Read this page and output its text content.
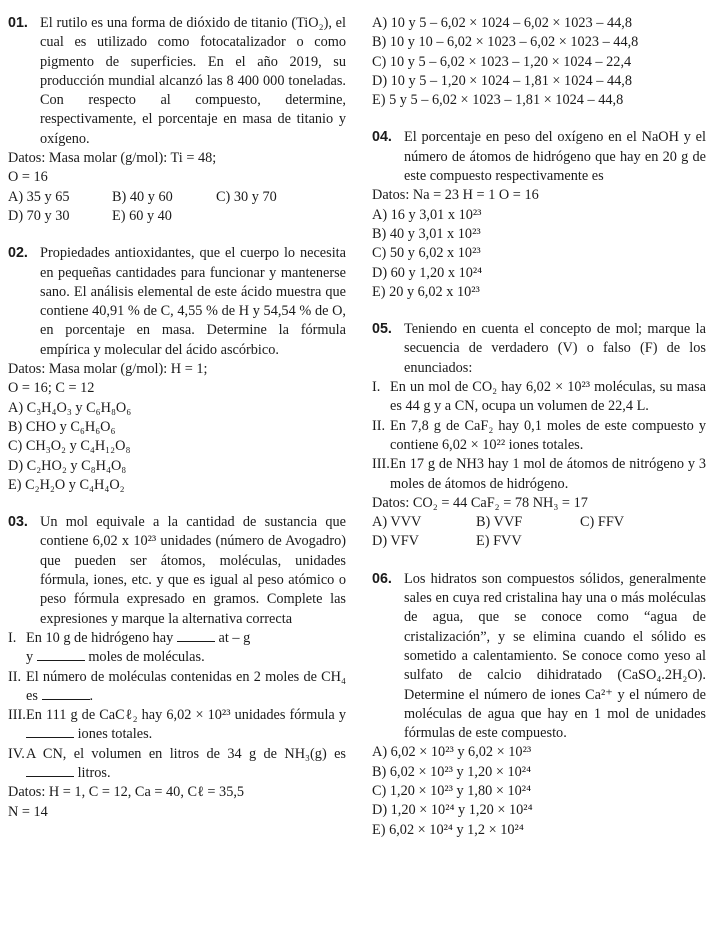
01. El rutilo es una forma de dióxido de titanio (TiO₂), el cual es utilizado como fotocatalizador o como pigmento de superficies. En el año 2019, su producción mundial alcanzó las 8 400 000 toneladas. Con respecto al compuesto, determine, respectivamente, el porcentaje en masa de titanio y oxígeno.
Datos: Masa molar (g/mol): Ti = 48;
O = 16
A) 35 y 65	B) 40 y 60	C) 30 y 70
D) 70 y 30	E) 60 y 40
02. Propiedades antioxidantes, que el cuerpo lo necesita en pequeñas cantidades para funcionar y mantenerse sano. El análisis elemental de este ácido muestra que contiene 40,91 % de C, 4,55 % de H y 54,54 % de O, en porcentaje en masa. Determine la fórmula empírica y molecular del ácido ascórbico.
Datos: Masa molar (g/mol): H = 1;
O = 16; C = 12
A) C₃H₄O₃ y C₆H₈O₆
B) CHO y C₆H₆O₆
C) CH₃O₂ y C₄H₁₂O₈
D) C₂HO₂ y C₈H₄O₈
E) C₂H₂O y C₄H₄O₂
03. Un mol equivale a la cantidad de sustancia que contiene 6,02 x 10²³ unidades (número de Avogadro) que pueden ser átomos, moléculas, unidades fórmula, iones, etc. y que es igual al peso atómico o peso fórmula expresado en gramos. Complete las expresiones y marque la alternativa correcta
I. En 10 g de hidrógeno hay	at – g
y	moles de moléculas.
II. El número de moléculas contenidas en 2 moles de CH₄ es	.
III. En 111 g de CaCℓ₂ hay 6,02 × 10²³ unidades fórmula y  iones totales.
IV. A CN, el volumen en litros de 34 g de NH₃(g) es  litros.
Datos: H = 1, C = 12, Ca = 40, Cℓ = 35,5
N = 14
A) 10 y 5 – 6,02 × 1024 – 6,02 × 1023 – 44,8
B) 10 y 10 – 6,02 × 1023 – 6,02 × 1023 – 44,8
C) 10 y 5 – 6,02 × 1023 – 1,20 × 1024 – 22,4
D) 10 y 5 – 1,20 × 1024 – 1,81 × 1024 – 44,8
E) 5 y 5 – 6,02 × 1023 – 1,81 × 1024 – 44,8
04. El porcentaje en peso del oxígeno en el NaOH y el número de átomos de hidrógeno que hay en 20 g de este compuesto respectivamente es
Datos: Na = 23 H = 1 O = 16
A) 16 y 3,01 x 10²³
B) 40 y 3,01 x 10²³
C) 50 y 6,02 x 10²³
D) 60 y 1,20 x 10²⁴
E) 20 y 6,02 x 10²³
05. Teniendo en cuenta el concepto de mol; marque la secuencia de verdadero (V) o falso (F) de los enunciados:
I. En un mol de CO₂ hay 6,02 × 10²³ moléculas, su masa es 44 g y a CN, ocupa un volumen de 22,4 L.
II. En 7,8 g de CaF₂ hay 0,1 moles de este compuesto y contiene 6,02 × 10²² iones totales.
III. En 17 g de NH3 hay 1 mol de átomos de nitrógeno y 3 moles de átomos de hidrógeno.
Datos: CO₂ = 44 CaF₂ = 78 NH₃ = 17
A) VVV	B) VVF	C) FFV
D) VFV	E) FVV
06. Los hidratos son compuestos sólidos, generalmente sales en cuya red cristalina hay una o más moléculas de agua, que se conoce como “agua de cristalización”, y se elimina cuando el sólido es sometido a calentamiento. Se conoce como yeso al sulfato de calcio dihidratado (CaSO₄.2H₂O). Determine el número de iones Ca²⁺ y el número de moléculas de agua que hay en 1 mol de unidades fórmulas de este compuesto.
A) 6,02 × 10²³ y 6,02 × 10²³
B) 6,02 × 10²³ y 1,20 × 10²⁴
C) 1,20 × 10²³ y 1,80 × 10²⁴
D) 1,20 × 10²⁴ y 1,20 × 10²⁴
E) 6,02 × 10²⁴ y 1,2 × 10²⁴
